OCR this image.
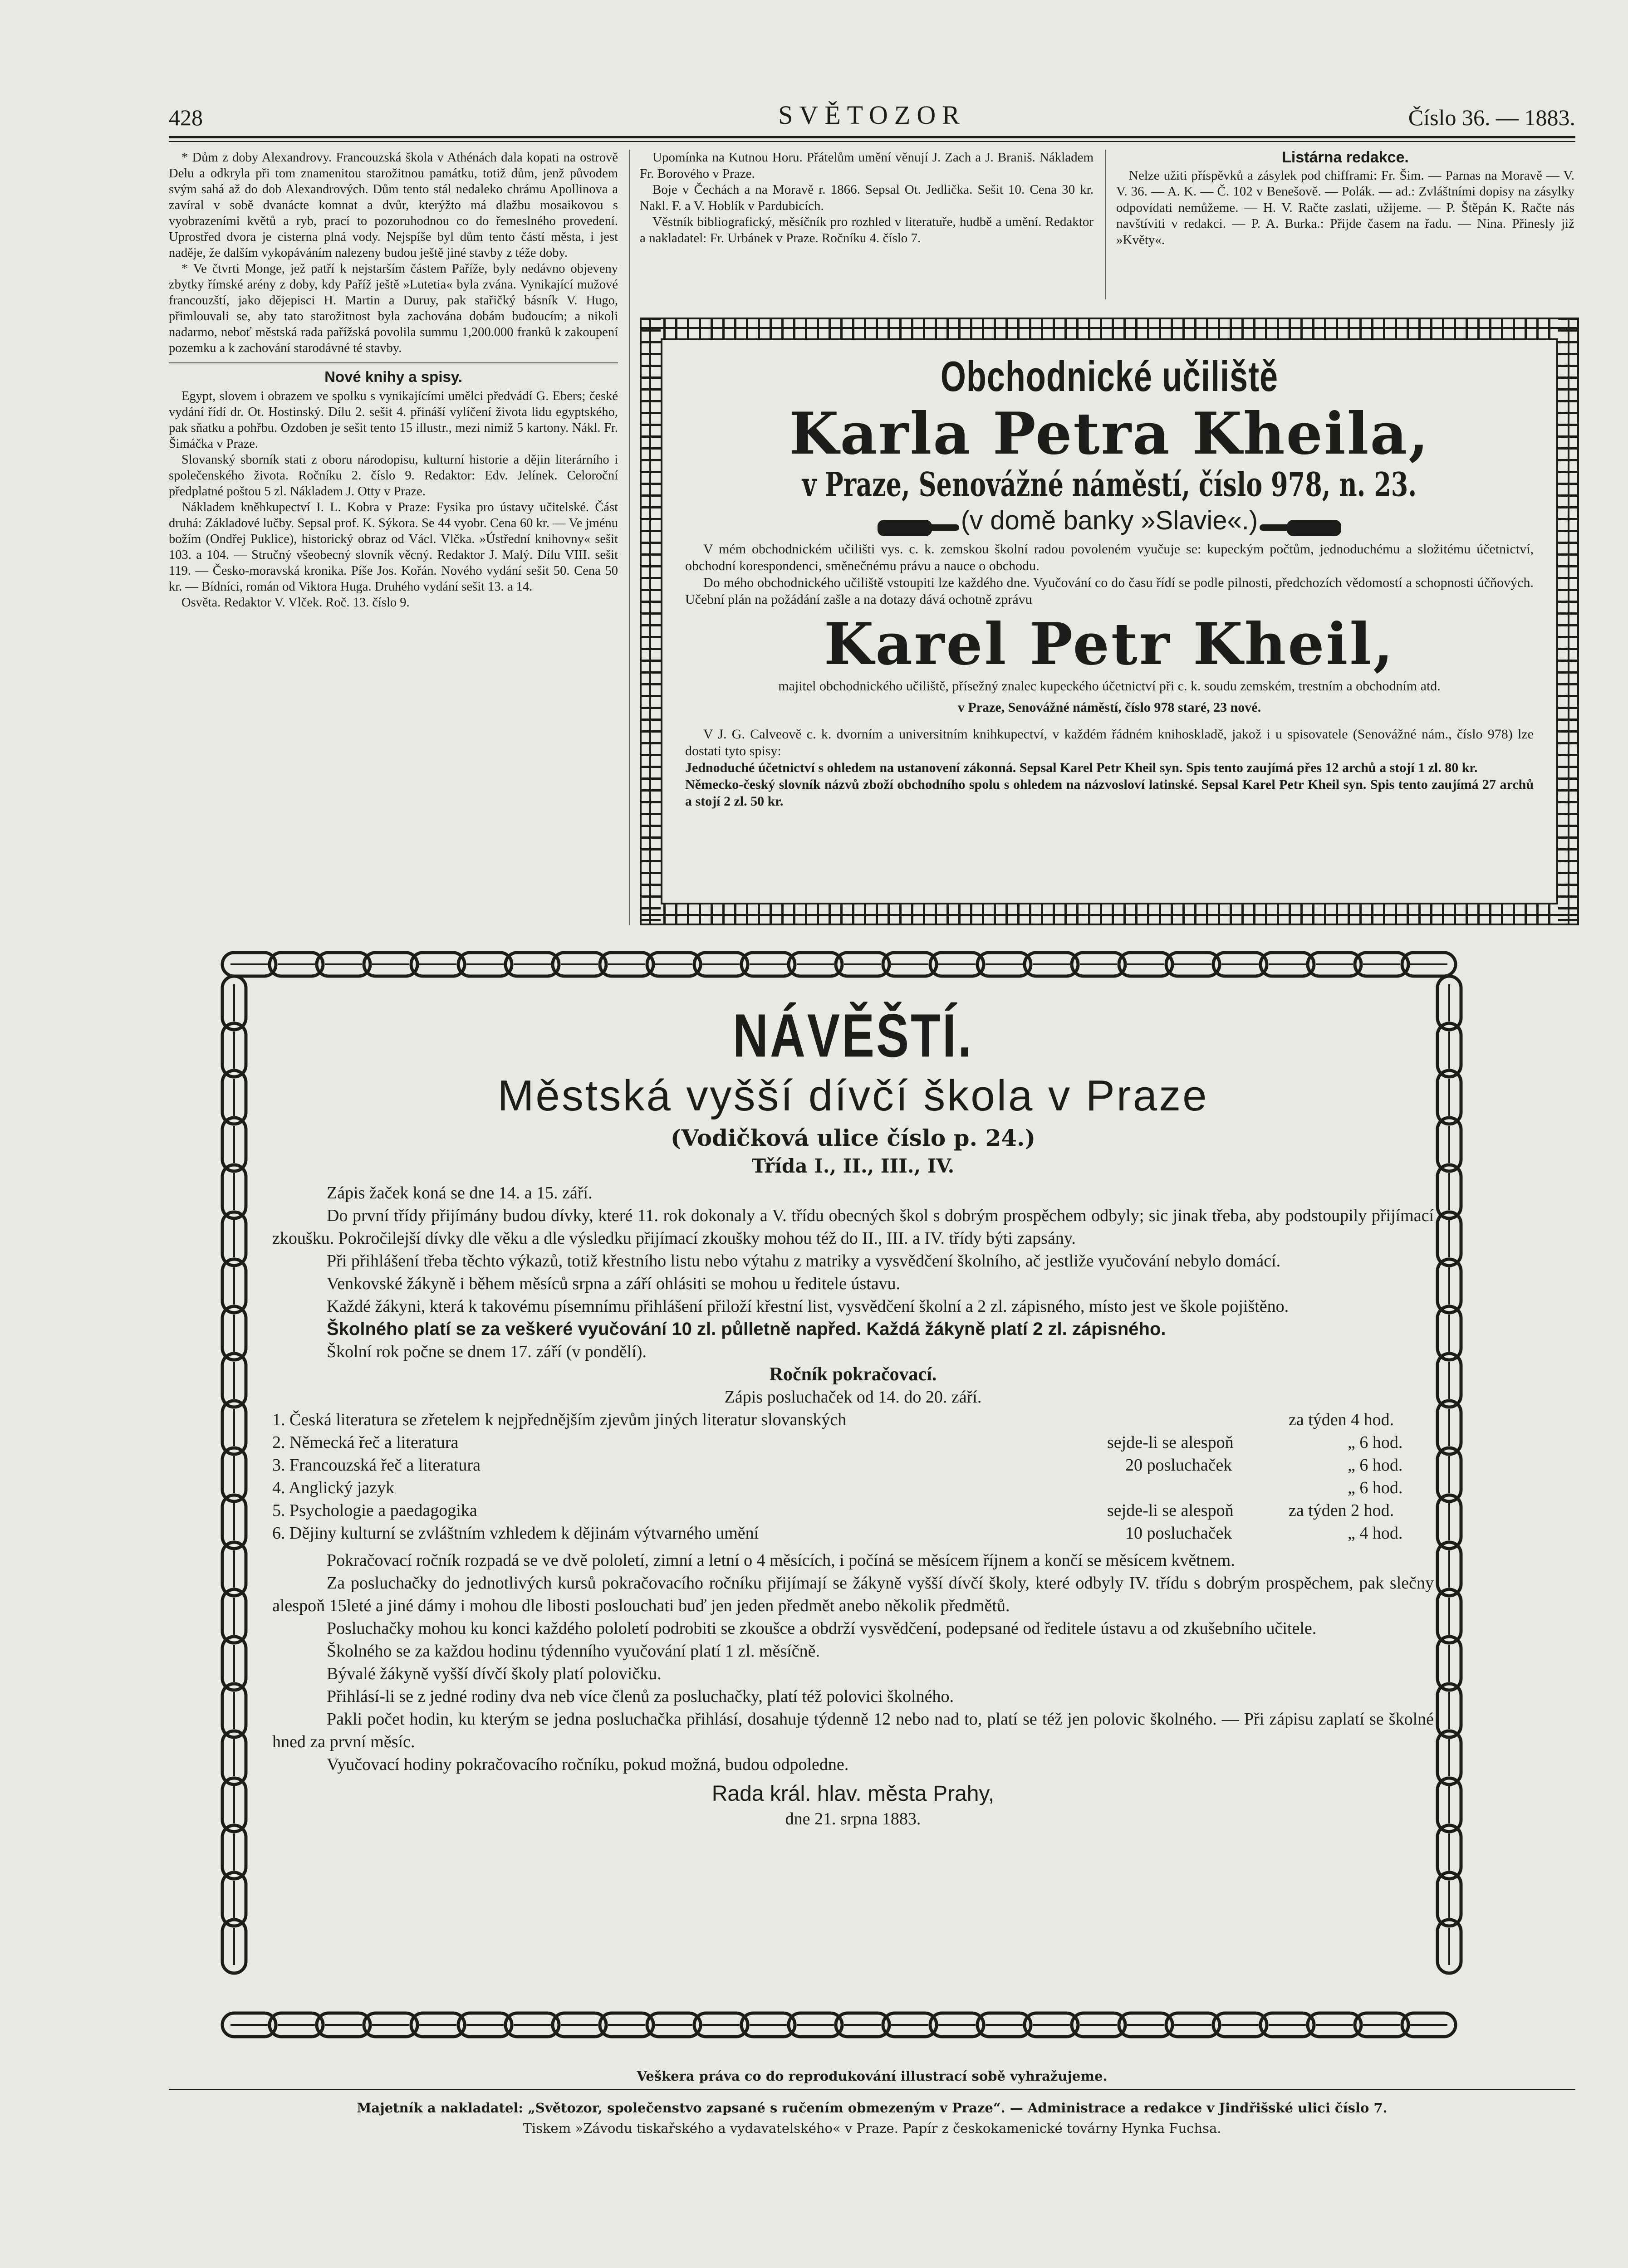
428	SVĚTOZOR	Číslo 36. — 1883.

* Dům z doby Alexandrovy. Francouzská škola v Athénách dala kopati na ostrově Delu a odkryla při tom znamenitou starožitnou památku, totiž dům, jenž původem svým sahá až do dob Alexandrových. Dům tento stál nedaleko chrámu Apollinova a zavíral v sobě dvanácte komnat a dvůr, kterýžto má dlažbu mosaikovou s vyobrazeními květů a ryb, prací to pozoruhodnou co do řemeslného provedení. Uprostřed dvora je cisterna plná vody. Nejspíše byl dům tento částí města, i jest naděje, že dalším vykopáváním nalezeny budou ještě jiné stavby z téže doby.

* Ve čtvrti Monge, jež patří k nejstarším částem Paříže, byly nedávno objeveny zbytky římské arény z doby, kdy Paříž ještě »Lutetia« byla zvána. Vynikající mužové francouzští, jako dějepisci H. Martin a Duruy, pak stařičký básník V. Hugo, přimlouvali se, aby tato starožitnost byla zachována dobám budoucím; a nikoli nadarmo, neboť městská rada pařížská povolila summu 1,200.000 franků k zakoupení pozemku a k zachování starodávné té stavby.

Nové knihy a spisy.

Egypt, slovem i obrazem ve spolku s vynikajícími umělci předvádí G. Ebers; české vydání řídí dr. Ot. Hostinský. Dílu 2. sešit 4. přináší vylíčení života lidu egyptského, pak sňatku a pohřbu. Ozdoben je sešit tento 15 illustr., mezi nimiž 5 kartony. Nákl. Fr. Šimáčka v Praze.

Slovanský sborník stati z oboru národopisu, kulturní historie a dějin literárního i společenského života. Ročníku 2. číslo 9. Redaktor: Edv. Jelínek. Celoroční předplatné poštou 5 zl. Nákladem J. Otty v Praze.

Nákladem kněhkupectví I. L. Kobra v Praze: Fysika pro ústavy učitelské. Část druhá: Základové lučby. Sepsal prof. K. Sýkora. Se 44 vyobr. Cena 60 kr. — Ve jménu božím (Ondřej Puklice), historický obraz od Václ. Vlčka. »Ústřední knihovny« sešit 103. a 104. — Stručný všeobecný slovník věcný. Redaktor J. Malý. Dílu VIII. sešit 119. — Česko-moravská kronika. Píše Jos. Kořán. Nového vydání sešit 50. Cena 50 kr. — Bídníci, román od Viktora Huga. Druhého vydání sešit 13. a 14.

Osvěta. Redaktor V. Vlček. Roč. 13. číslo 9.

Upomínka na Kutnou Horu. Přátelům umění věnují J. Zach a J. Braniš. Nákladem Fr. Borového v Praze.

Boje v Čechách a na Moravě r. 1866. Sepsal Ot. Jedlička. Sešit 10. Cena 30 kr. Nakl. F. a V. Hoblík v Pardubicích.

Věstník bibliografický, měsíčník pro rozhled v literatuře, hudbě a umění. Redaktor a nakladatel: Fr. Urbánek v Praze. Ročníku 4. číslo 7.

Listárna redakce.

Nelze užiti příspěvků a zásylek pod chifframi: Fr. Šim. — Parnas na Moravě — V. V. 36. — A. K. — Č. 102 v Benešově. — Polák. — ad.: Zvláštními dopisy na zásylky odpovídati nemůžeme. — H. V. Račte zaslati, užijeme. — P. Štěpán K. Račte nás navštíviti v redakci. — P. A. Burka.: Přijde časem na řadu. — Nina. Přinesly již »Květy«.

Obchodnické učiliště
Karla Petra Kheila,
v Praze, Senovážné náměstí, číslo 978, n. 23.
(v domě banky »Slavie«.)
V mém obchodnickém učilišti vys. c. k. zemskou školní radou povoleném vyučuje se: kupeckým počtům, jednoduchému a složitému účetnictví, obchodní korespondenci, směnečnému právu a nauce o obchodu.
Do mého obchodnického učiliště vstoupiti lze každého dne. Vyučování co do času řídí se podle pilnosti, předchozích vědomostí a schopnosti účňových. Učební plán na požádání zašle a na dotazy dává ochotně zprávu
Karel Petr Kheil,
majitel obchodnického učiliště, přísežný znalec kupeckého účetnictví při c. k. soudu zemském, trestním a obchodním atd.
v Praze, Senovážné náměstí, číslo 978 staré, 23 nové.
V J. G. Calveově c. k. dvorním a universitním knihkupectví, v každém řádném knihoskladě, jakož i u spisovatele (Senovážné nám., číslo 978) lze dostati tyto spisy:
Jednoduché účetnictví s ohledem na ustanovení zákonná. Sepsal Karel Petr Kheil syn. Spis tento zaujímá přes 12 archů a stojí 1 zl. 80 kr.
Německo-český slovník názvů zboží obchodního spolu s ohledem na názvosloví latinské. Sepsal Karel Petr Kheil syn. Spis tento zaujímá 27 archů a stojí 2 zl. 50 kr.
NÁVĚŠTÍ.
Městská vyšší dívčí škola v Praze
(Vodičková ulice číslo p. 24.)
Třída I., II., III., IV.

Zápis žaček koná se dne 14. a 15. září.

Do první třídy přijímány budou dívky, které 11. rok dokonaly a V. třídu obecných škol s dobrým prospěchem odbyly; sic jinak třeba, aby podstoupily přijímací zkoušku. Pokročilejší dívky dle věku a dle výsledku přijímací zkoušky mohou též do II., III. a IV. třídy býti zapsány.

Při přihlášení třeba těchto výkazů, totiž křestního listu nebo výtahu z matriky a vysvědčení školního, ač jestliže vyučování nebylo domácí.

Venkovské žákyně i během měsíců srpna a září ohlásiti se mohou u ředitele ústavu.

Každé žákyni, která k takovému písemnímu přihlášení přiloží křestní list, vysvědčení školní a 2 zl. zápisného, místo jest ve škole pojištěno.

Školného platí se za veškeré vyučování 10 zl. půlletně napřed. Každá žákyně platí 2 zl. zápisného.

Školní rok počne se dnem 17. září (v pondělí).

Ročník pokračovací.
Zápis posluchaček od 14. do 20. září.
1. Česká literatura se zřetelem k nejpřednějším zjevům jiných literatur slovanských	za týden 4 hod.
2. Německá řeč a literatura	sejde-li se alespoň	„ 6 hod.
3. Francouzská řeč a literatura	20 posluchaček	„ 6 hod.
4. Anglický jazyk	„ 6 hod.
5. Psychologie a paedagogika	sejde-li se alespoň	za týden 2 hod.
6. Dějiny kulturní se zvláštním vzhledem k dějinám výtvarného umění	10 posluchaček	„ 4 hod.

Pokračovací ročník rozpadá se ve dvě pololetí, zimní a letní o 4 měsících, i počíná se měsícem říjnem a končí se měsícem květnem.

Za posluchačky do jednotlivých kursů pokračovacího ročníku přijímají se žákyně vyšší dívčí školy, které odbyly IV. třídu s dobrým prospěchem, pak slečny alespoň 15leté a jiné dámy i mohou dle libosti poslouchati buď jen jeden předmět anebo několik předmětů.

Posluchačky mohou ku konci každého pololetí podrobiti se zkoušce a obdrží vysvědčení, podepsané od ředitele ústavu a od zkušebního učitele.

Školného se za každou hodinu týdenního vyučování platí 1 zl. měsíčně.

Bývalé žákyně vyšší dívčí školy platí polovičku.

Přihlásí-li se z jedné rodiny dva neb více členů za posluchačky, platí též polovici školného.

Pakli počet hodin, ku kterým se jedna posluchačka přihlásí, dosahuje týdenně 12 nebo nad to, platí se též jen polovic školného. — Při zápisu zaplatí se školné hned za první měsíc.

Vyučovací hodiny pokračovacího ročníku, pokud možná, budou odpoledne.

Rada král. hlav. města Prahy,
dne 21. srpna 1883.
Veškera práva co do reprodukování illustrací sobě vyhražujeme.
Majetník a nakladatel: „Světozor, společenstvo zapsané s ručením obmezeným v Praze“. — Administrace a redakce v Jindřišské ulici číslo 7.
Tiskem »Závodu tiskařského a vydavatelského« v Praze. Papír z českokamenické továrny Hynka Fuchsa.
